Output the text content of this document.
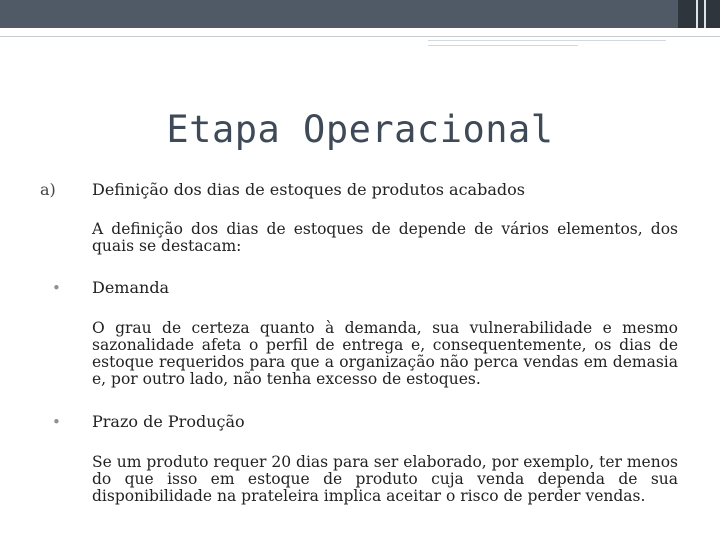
Etapa Operacional
a) Definição dos dias de estoques de produtos acabados
A definição dos dias de estoques de depende de vários elementos, dos quais se destacam:
• Demanda
O grau de certeza quanto à demanda, sua vulnerabilidade e mesmo sazonalidade afeta o perfil de entrega e, consequentemente, os dias de estoque requeridos para que a organização não perca vendas em demasia e, por outro lado, não tenha excesso de estoques.
• Prazo de Produção
Se um produto requer 20 dias para ser elaborado, por exemplo, ter menos do que isso em estoque de produto cuja venda dependa de sua disponibilidade na prateleira implica aceitar o risco de perder vendas.
